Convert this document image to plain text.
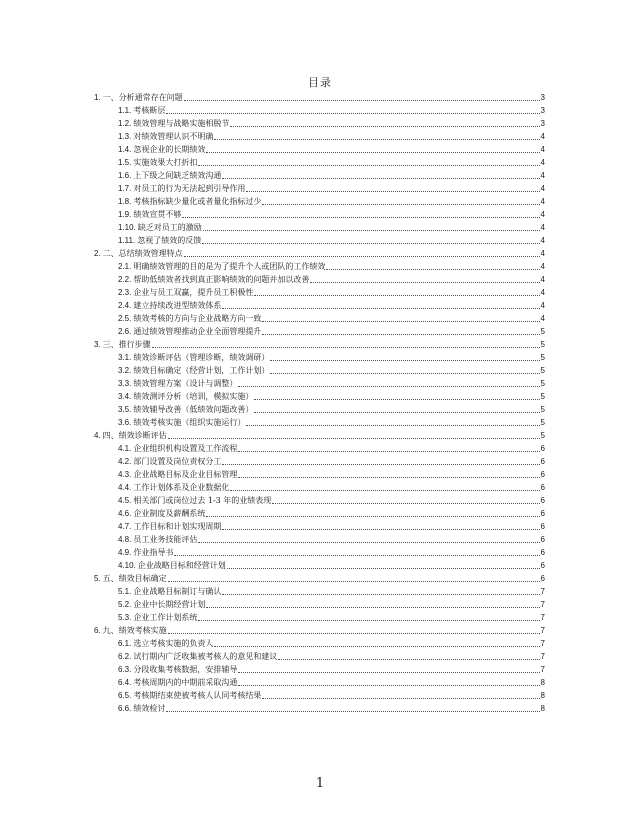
目录
1. 一、分析通常存在问题	3
1.1. 考核断层	3
1.2. 绩效管理与战略实施相脱节	3
1.3. 对绩效管理认识不明确	4
1.4. 忽视企业的长期绩效	4
1.5. 实施效果大打折扣	4
1.6. 上下级之间缺乏绩效沟通	4
1.7. 对员工的行为无法起到引导作用	4
1.8. 考核指标缺少量化或者量化指标过少	4
1.9. 绩效宣贯不够	4
1.10. 缺乏对员工的激励	4
1.11. 忽视了绩效的反馈	4
2. 二、总结绩效管理特点	4
2.1. 明确绩效管理的目的是为了提升个人或团队的工作绩效	4
2.2. 帮助低绩效者找到真正影响绩效的问题并加以改善	4
2.3. 企业与员工双赢，提升员工积极性	4
2.4. 建立持续改进型绩效体系	4
2.5. 绩效考核的方向与企业战略方向一致	4
2.6. 通过绩效管理推动企业全面管理提升	5
3. 三、推行步骤	5
3.1. 绩效诊断评估（管理诊断，绩效调研）	5
3.2. 绩效目标确定（经营计划，工作计划）	5
3.3. 绩效管理方案（设计与调整）	5
3.4. 绩效测评分析（培训，模拟实施）	5
3.5. 绩效辅导改善（低绩效问题改善）	5
3.6. 绩效考核实施（组织实施运行）	5
4. 四、绩效诊断评估	5
4.1. 企业组织机构设置及工作流程	6
4.2. 部门设置及岗位责权分工	6
4.3. 企业战略目标及企业目标管理	6
4.4. 工作计划体系及企业数据化	6
4.5. 相关部门或岗位过去 1-3 年的业绩表现	6
4.6. 企业制度及薪酬系统	6
4.7. 工作目标和计划实现周期	6
4.8. 员工业务技能评估	6
4.9. 作业指导书	6
4.10. 企业战略目标和经营计划	6
5. 五、绩效目标确定	6
5.1. 企业战略目标制订与确认	7
5.2. 企业中长期经营计划	7
5.3. 企业工作计划系统	7
6. 九、绩效考核实施	7
6.1. 选立考核实施的负责人	7
6.2. 试行期内广泛收集被考核人的意见和建议	7
6.3. 分段收集考核数据，安排辅导	7
6.4. 考核周期内的中期前采取沟通	8
6.5. 考核期结束使被考核人认同考核结果	8
6.6. 绩效检讨	8
1
